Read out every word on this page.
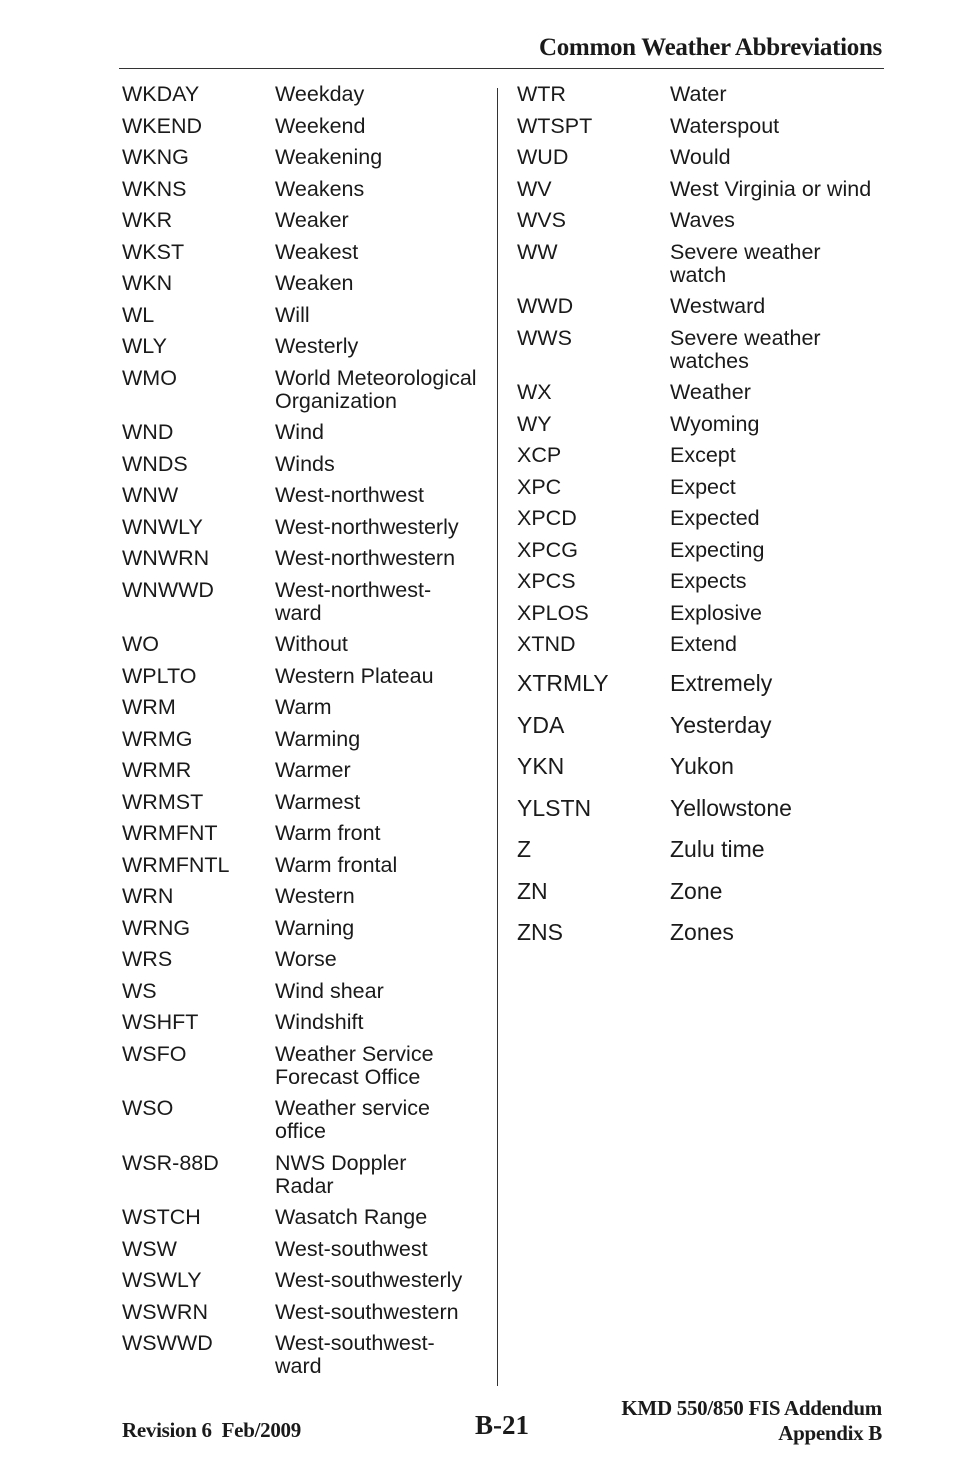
Common Weather Abbreviations
WKDAY	Weekday
WKEND	Weekend
WKNG	Weakening
WKNS	Weakens
WKR	Weaker
WKST	Weakest
WKN	Weaken
WL	Will
WLY	Westerly
WMO	World Meteorological Organization
WND	Wind
WNDS	Winds
WNW	West-northwest
WNWLY	West-northwesterly
WNWRN	West-northwestern
WNWWD	West-northwest-ward
WO	Without
WPLTO	Western Plateau
WRM	Warm
WRMG	Warming
WRMR	Warmer
WRMST	Warmest
WRMFNT	Warm front
WRMFNTL	Warm frontal
WRN	Western
WRNG	Warning
WRS	Worse
WS	Wind shear
WSHFT	Windshift
WSFO	Weather Service Forecast Office
WSO	Weather service office
WSR-88D	NWS Doppler Radar
WSTCH	Wasatch Range
WSW	West-southwest
WSWLY	West-southwesterly
WSWRN	West-southwestern
WSWWD	West-southwest-ward
WTR	Water
WTSPT	Waterspout
WUD	Would
WV	West Virginia or wind
WVS	Waves
WW	Severe weather watch
WWD	Westward
WWS	Severe weather watches
WX	Weather
WY	Wyoming
XCP	Except
XPC	Expect
XPCD	Expected
XPCG	Expecting
XPCS	Expects
XPLOS	Explosive
XTND	Extend
XTRMLY	Extremely
YDA	Yesterday
YKN	Yukon
YLSTN	Yellowstone
Z	Zulu time
ZN	Zone
ZNS	Zones
Revision 6  Feb/2009	B-21
KMD 550/850 FIS Addendum
Appendix B
